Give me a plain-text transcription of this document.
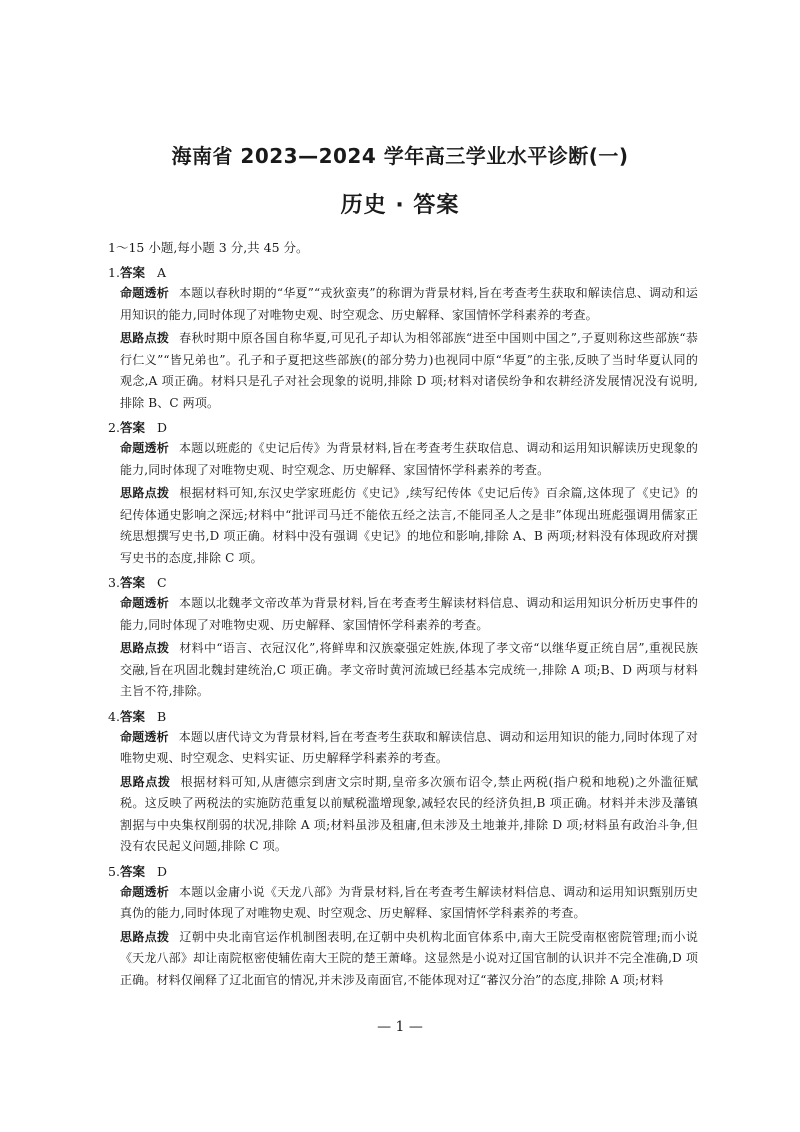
海南省 2023—2024 学年高三学业水平诊断(一)
历史 · 答案

1～15 小题,每小题 3 分,共 45 分。

1.答案 A

命题透析 本题以春秋时期的“华夏”“戎狄蛮夷”的称谓为背景材料,旨在考查考生获取和解读信息、调动和运用知识的能力,同时体现了对唯物史观、时空观念、历史解释、家国情怀学科素养的考查。

思路点拨 春秋时期中原各国自称华夏,可见孔子却认为相邻部族“进至中国则中国之”,子夏则称这些部族“恭行仁义”“皆兄弟也”。孔子和子夏把这些部族(的部分势力)也视同中原“华夏”的主张,反映了当时华夏认同的观念,A 项正确。材料只是孔子对社会现象的说明,排除 D 项;材料对诸侯纷争和农耕经济发展情况没有说明,排除 B、C 两项。

2.答案 D

命题透析 本题以班彪的《史记后传》为背景材料,旨在考查考生获取信息、调动和运用知识解读历史现象的能力,同时体现了对唯物史观、时空观念、历史解释、家国情怀学科素养的考查。

思路点拨 根据材料可知,东汉史学家班彪仿《史记》,续写纪传体《史记后传》百余篇,这体现了《史记》的纪传体通史影响之深远;材料中“批评司马迁不能依五经之法言,不能同圣人之是非”体现出班彪强调用儒家正统思想撰写史书,D 项正确。材料中没有强调《史记》的地位和影响,排除 A、B 两项;材料没有体现政府对撰写史书的态度,排除 C 项。

3.答案 C

命题透析 本题以北魏孝文帝改革为背景材料,旨在考查考生解读材料信息、调动和运用知识分析历史事件的能力,同时体现了对唯物史观、历史解释、家国情怀学科素养的考查。

思路点拨 材料中“语言、衣冠汉化”,将鲜卑和汉族豪强定姓族,体现了孝文帝“以继华夏正统自居”,重视民族交融,旨在巩固北魏封建统治,C 项正确。孝文帝时黄河流域已经基本完成统一,排除 A 项;B、D 两项与材料主旨不符,排除。

4.答案 B

命题透析 本题以唐代诗文为背景材料,旨在考查考生获取和解读信息、调动和运用知识的能力,同时体现了对唯物史观、时空观念、史料实证、历史解释学科素养的考查。

思路点拨 根据材料可知,从唐德宗到唐文宗时期,皇帝多次颁布诏令,禁止两税(指户税和地税)之外滥征赋税。这反映了两税法的实施防范重复以前赋税滥增现象,减轻农民的经济负担,B 项正确。材料并未涉及藩镇割据与中央集权削弱的状况,排除 A 项;材料虽涉及租庸,但未涉及土地兼并,排除 D 项;材料虽有政治斗争,但没有农民起义问题,排除 C 项。

5.答案 D

命题透析 本题以金庸小说《天龙八部》为背景材料,旨在考查考生解读材料信息、调动和运用知识甄别历史真伪的能力,同时体现了对唯物史观、时空观念、历史解释、家国情怀学科素养的考查。

思路点拨 辽朝中央北南官运作机制图表明,在辽朝中央机构北面官体系中,南大王院受南枢密院管理;而小说《天龙八部》却让南院枢密使辅佐南大王院的楚王萧峰。这显然是小说对辽国官制的认识并不完全准确,D 项正确。材料仅阐释了辽北面官的情况,并未涉及南面官,不能体现对辽“蕃汉分治”的态度,排除 A 项;材料

— 1 —
